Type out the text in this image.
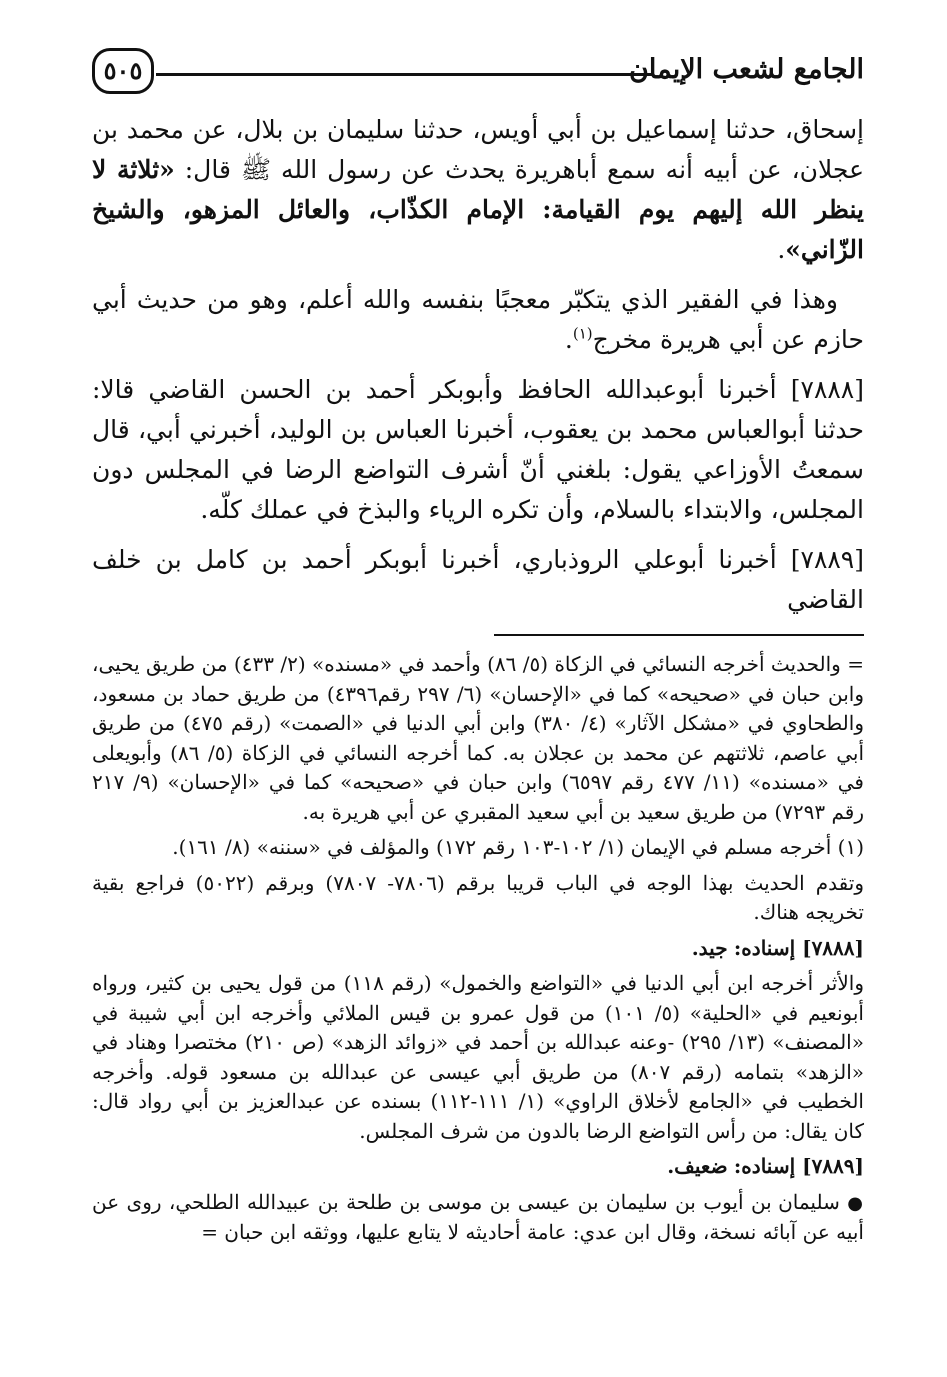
الجامع لشعب الإيمان
٥٠٥

إسحاق، حدثنا إسماعيل بن أبي أويس، حدثنا سليمان بن بلال، عن محمد بن عجلان، عن أبيه أنه سمع أباهريرة يحدث عن رسول الله ﷺ قال: «ثلاثة لا ينظر الله إليهم يوم القيامة: الإمام الكذّاب، والعائل المزهو، والشيخ الزّاني».

وهذا في الفقير الذي يتكبّر معجبًا بنفسه والله أعلم، وهو من حديث أبي حازم عن أبي هريرة مخرج$^{(١)}$.

[٧٨٨٨] أخبرنا أبوعبدالله الحافظ وأبوبكر أحمد بن الحسن القاضي قالا: حدثنا أبوالعباس محمد بن يعقوب، أخبرنا العباس بن الوليد، أخبرني أبي، قال سمعتُ الأوزاعي يقول: بلغني أنّ أشرف التواضع الرضا في المجلس دون المجلس، والابتداء بالسلام، وأن تكره الرياء والبذخ في عملك كلّه.

[٧٨٨٩] أخبرنا أبوعلي الروذباري، أخبرنا أبوبكر أحمد بن كامل بن خلف القاضي

= والحديث أخرجه النسائي في الزكاة (٥/ ٨٦) وأحمد في «مسنده» (٢/ ٤٣٣) من طريق يحيى، وابن حبان في «صحيحه» كما في «الإحسان» (٦/ ٢٩٧ رقم٤٣٩٦) من طريق حماد بن مسعود، والطحاوي في «مشكل الآثار» (٤/ ٣٨٠) وابن أبي الدنيا في «الصمت» (رقم ٤٧٥) من طريق أبي عاصم، ثلاثتهم عن محمد بن عجلان به. كما أخرجه النسائي في الزكاة (٥/ ٨٦) وأبويعلى في «مسنده» (١١/ ٤٧٧ رقم ٦٥٩٧) وابن حبان في «صحيحه» كما في «الإحسان» (٩/ ٢١٧ رقم ٧٢٩٣) من طريق سعيد بن أبي سعيد المقبري عن أبي هريرة به.

(١) أخرجه مسلم في الإيمان (١/ ١٠٢-١٠٣ رقم ١٧٢) والمؤلف في «سننه» (٨/ ١٦١).

وتقدم الحديث بهذا الوجه في الباب قريبا برقم (٧٨٠٦- ٧٨٠٧) وبرقم (٥٠٢٢) فراجع بقية تخريجه هناك.

[٧٨٨٨] إسناده: جيد.

والأثر أخرجه ابن أبي الدنيا في «التواضع والخمول» (رقم ١١٨) من قول يحيى بن كثير، ورواه أبونعيم في «الحلية» (٥/ ١٠١) من قول عمرو بن قيس الملائي وأخرجه ابن أبي شيبة في «المصنف» (١٣/ ٢٩٥) -وعنه عبدالله بن أحمد في «زوائد الزهد» (ص ٢١٠) مختصرا وهناد في «الزهد» بتمامه (رقم ٨٠٧) من طريق أبي عيسى عن عبدالله بن مسعود قوله. وأخرجه الخطيب في «الجامع لأخلاق الراوي» (١/ ١١١-١١٢) بسنده عن عبدالعزيز بن أبي رواد قال: كان يقال: من رأس التواضع الرضا بالدون من شرف المجلس.

[٧٨٨٩] إسناده: ضعيف.

● سليمان بن أيوب بن سليمان بن عيسى بن موسى بن طلحة بن عبيدالله الطلحي، روى عن أبيه عن آبائه نسخة، وقال ابن عدي: عامة أحاديثه لا يتابع عليها، ووثقه ابن حبان =
